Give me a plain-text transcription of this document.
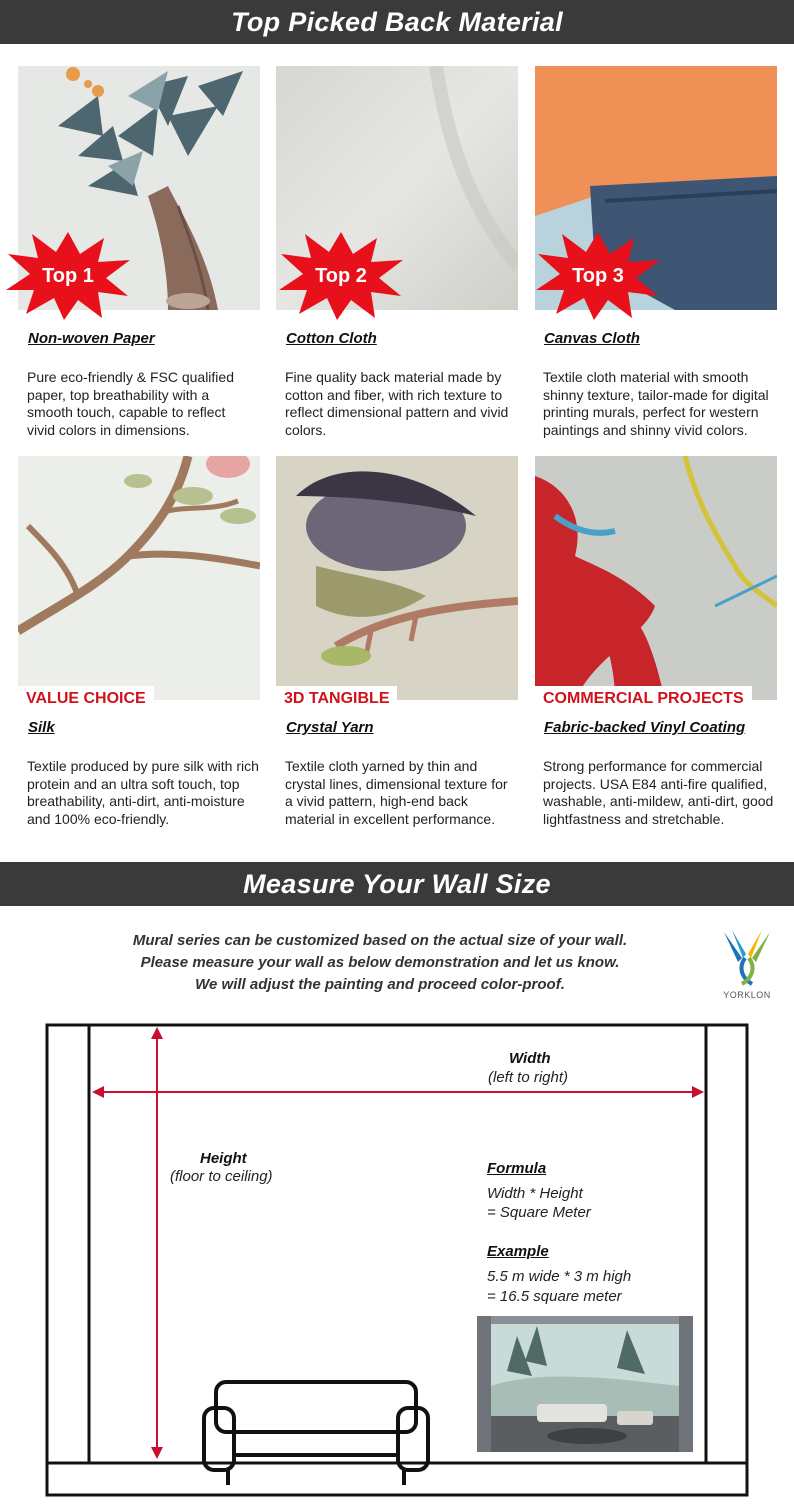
Top Picked Back Material
Top 1	Top 2	Top 3
Non-woven Paper
Pure eco-friendly & FSC qualified paper, top breathability with a smooth touch, capable to reflect vivid colors in dimensions.
Cotton Cloth
Fine quality back material made by cotton and fiber, with rich texture to reflect dimensional pattern and vivid colors.
Canvas Cloth
Textile cloth material with smooth shinny texture, tailor-made for digital printing murals, perfect for western paintings and shinny vivid colors.
VALUE CHOICE	3D TANGIBLE	COMMERCIAL PROJECTS
Silk
Textile produced by pure silk with rich protein and an ultra soft touch, top breathability, anti-dirt, anti-moisture and 100% eco-friendly.
Crystal Yarn
Textile cloth yarned by thin and crystal lines, dimensional texture for a vivid pattern, high-end back material in excellent performance.
Fabric-backed Vinyl Coating
Strong performance for commercial projects. USA E84 anti-fire qualified, washable, anti-mildew, anti-dirt, good lightfastness and stretchable.
Measure Your Wall Size
Mural series can be customized based on the actual size of your wall.
Please measure your wall as below demonstration and let us know.
We will adjust the painting and proceed color-proof.
YORKLON
Width
(left to right)
Height
(floor to ceiling)	Formula
Width * Height
= Square Meter
Example
5.5 m wide * 3 m high
= 16.5 square meter
